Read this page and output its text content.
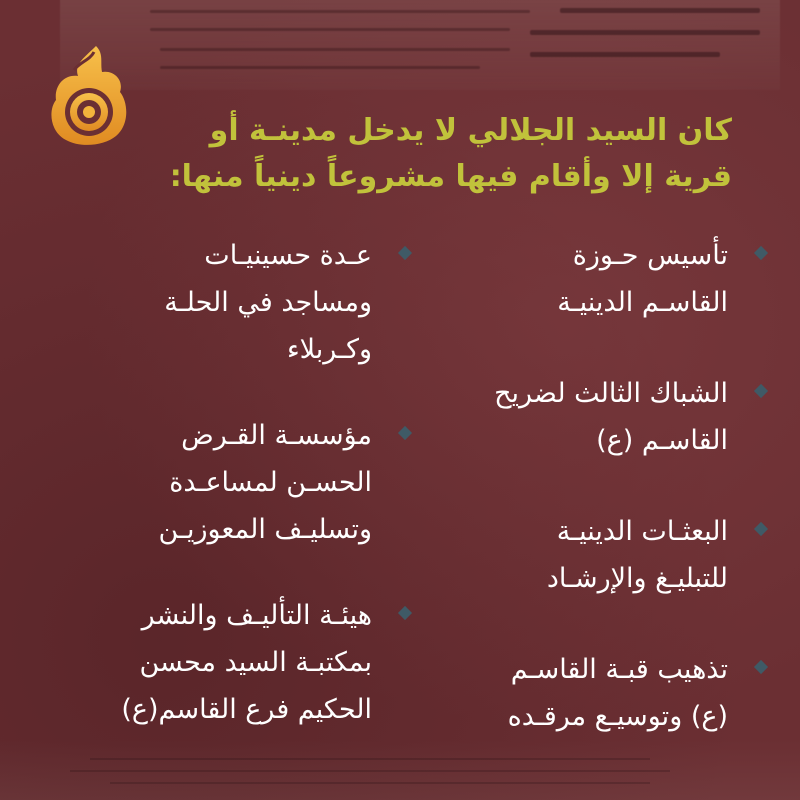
كان السيد الجلالي لا يدخل مدينـة أو
قرية إلا وأقام فيها مشروعاً دينياً منها:
تأسيس حـوزة
القاسـم الدينيـة
الشباك الثالث لضريح
القاسـم (ع)
البعثـات الدينيـة
للتبليـغ والإرشـاد
تذهيب قبـة القاسـم
(ع) وتوسيـع مرقـده
عـدة حسينيـات
ومساجد في الحلـة
وكـربلاء
مؤسسـة القـرض
الحسـن لمساعـدة
وتسليـف المعوزيـن
هيئـة التأليـف والنشر
بمكتبـة السيد محسن
الحكيم فرع القاسم(ع)
